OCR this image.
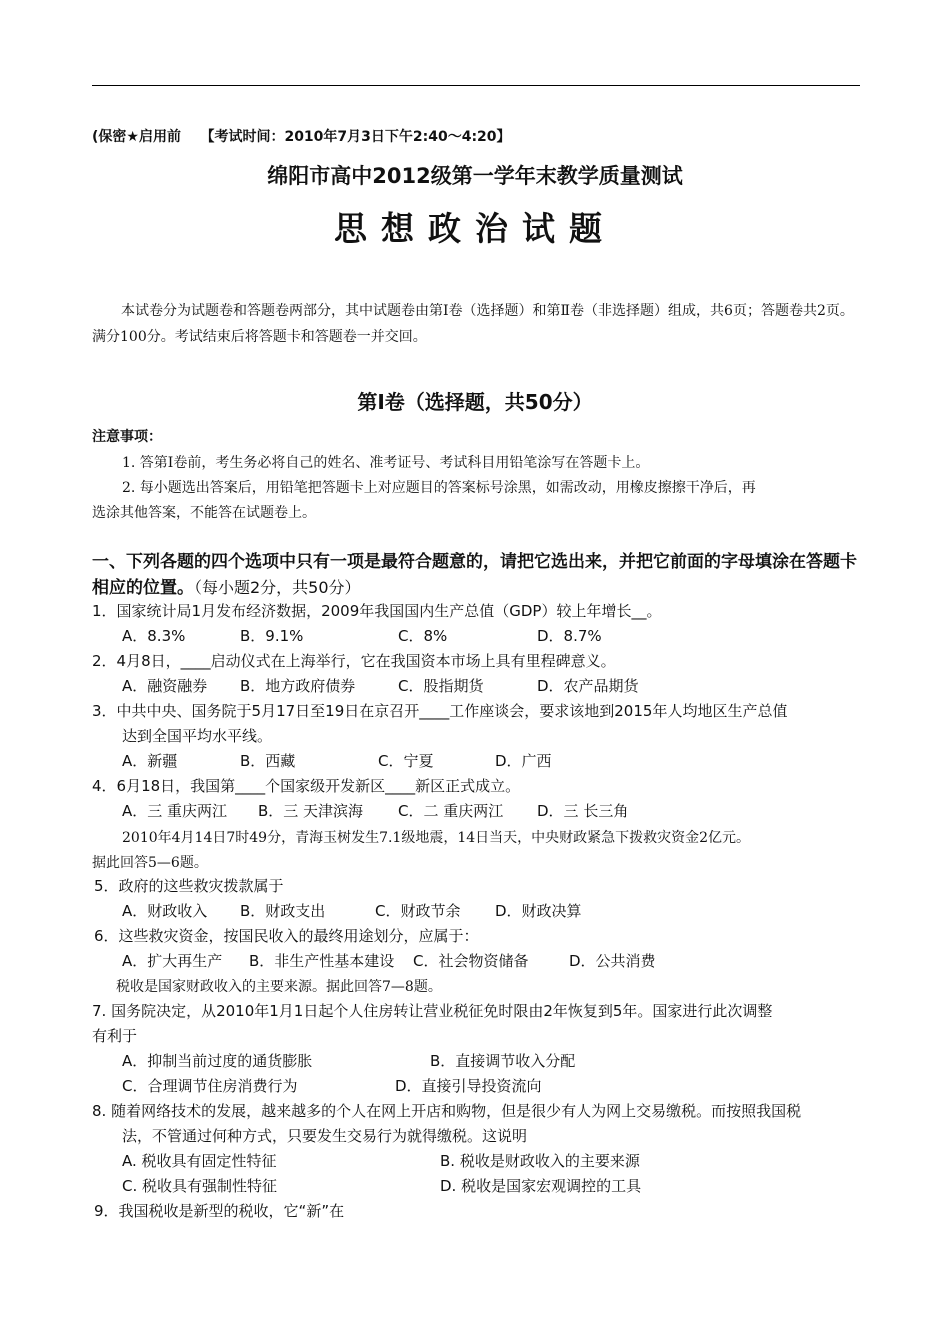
(保密★启用前 【考试时间：2010年7月3日下午2:40～4:20】
绵阳市高中2012级第一学年末教学质量测试
思想政治试题
本试卷分为试题卷和答题卷两部分，其中试题卷由第Ⅰ卷（选择题）和第Ⅱ卷（非选择题）组成，共6页；答题卷共2页。满分100分。考试结束后将答题卡和答题卷一并交回。
第Ⅰ卷（选择题，共50分）
注意事项：
1. 答第Ⅰ卷前，考生务必将自己的姓名、准考证号、考试科目用铅笔涂写在答题卡上。
2. 每小题选出答案后，用铅笔把答题卡上对应题目的答案标号涂黑，如需改动，用橡皮擦擦干净后，再
选涂其他答案，不能答在试题卷上。
一、下列各题的四个选项中只有一项是最符合题意的，请把它选出来，并把它前面的字母填涂在答题卡相应的位置。（每小题2分，共50分）
1．国家统计局1月发布经济数据，2009年我国国内生产总值（GDP）较上年增长__。
A．8.3%	B．9.1%	C．8%	D．8.7%
2．4月8日，____启动仪式在上海举行，它在我国资本市场上具有里程碑意义。
A．融资融券 B．地方政府债券	C．股指期货	D．农产品期货
3．中共中央、国务院于5月17日至19日在京召开____工作座谈会，要求该地到2015年人均地区生产总值
达到全国平均水平线。
A．新疆	B．西藏	C．宁夏	D．广西
4．6月18日，我国第____个国家级开发新区____新区正式成立。
A．三 重庆两江 B．三 天津滨海 C．二 重庆两江 D．三 长三角
2010年4月14日7时49分，青海玉树发生7.1级地震，14日当天，中央财政紧急下拨救灾资金2亿元。
据此回答5—6题。
5．政府的这些救灾拨款属于
A．财政收入 B．财政支出	C．财政节余 D．财政决算
6．这些救灾资金，按国民收入的最终用途划分，应属于：
A．扩大再生产 B．非生产性基本建设 C．社会物资储备	D．公共消费
税收是国家财政收入的主要来源。据此回答7—8题。
7. 国务院决定，从2010年1月1日起个人住房转让营业税征免时限由2年恢复到5年。国家进行此次调整
有利于
A．抑制当前过度的通货膨胀	B．直接调节收入分配
C．合理调节住房消费行为	D．直接引导投资流向
8. 随着网络技术的发展，越来越多的个人在网上开店和购物，但是很少有人为网上交易缴税。而按照我国税
法，不管通过何种方式，只要发生交易行为就得缴税。这说明
A. 税收具有固定性特征	B. 税收是财政收入的主要来源
C. 税收具有强制性特征	D. 税收是国家宏观调控的工具
9．我国税收是新型的税收，它“新”在
